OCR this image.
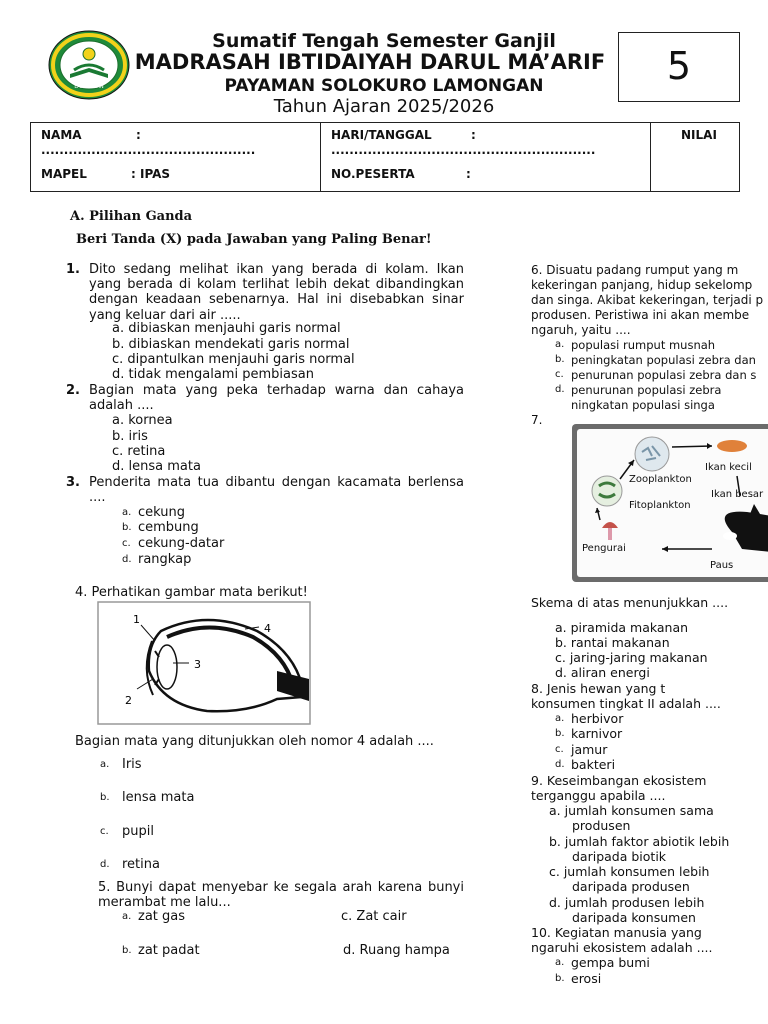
LAMONGAN
Sumatif Tengah Semester Ganjil
MADRASAH IBTIDAIYAH DARUL MA’ARIF
PAYAMAN SOLOKURO LAMONGAN
Tahun Ajaran 2025/2026
5
NAMA	:
...............................................
MAPEL	: IPAS
HARI/TANGGAL	:
..........................................................
NO.PESERTA	:
NILAI
A. Pilihan Ganda
Beri Tanda (X) pada Jawaban yang Paling Benar!
1. Dito sedang melihat ikan yang berada di kolam. Ikan yang berada di kolam terlihat lebih dekat dibandingkan dengan keadaan sebenarnya. Hal ini disebabkan sinar yang keluar dari air .....
a. dibiaskan menjauhi garis normal
b. dibiaskan mendekati garis normal
c. dipantulkan menjauhi garis normal
d. tidak mengalami pembiasan
2. Bagian mata yang peka terhadap warna dan cahaya adalah ....
a. kornea
b. iris
c. retina
d. lensa mata
3. Penderita mata tua dibantu dengan kacamata berlensa ....
a. cekung
b. cembung
c. cekung-datar
d. rangkap
4. Perhatikan gambar mata berikut!
1
2
3
4
Bagian mata yang ditunjukkan oleh nomor 4 adalah ....
a. Iris
b. lensa mata
c. pupil
d. retina
5. Bunyi dapat menyebar ke segala arah karena bunyi merambat me lalu...
a. zat gas	c. Zat cair
b. zat padat	d. Ruang hampa
6. Disuatu padang rumput yang m
kekeringan panjang, hidup sekelomp
dan singa. Akibat kekeringan, terjadi p
produsen. Peristiwa ini akan membe
ngaruh, yaitu ....
a. populasi rumput musnah
b. peningkatan populasi zebra dan
c. penurunan populasi zebra dan s
d. penurunan populasi zebra
ningkatan populasi singa
7.
Zooplankton
Ikan kecil
Ikan besar
Fitoplankton
Pengurai
Paus
Skema di atas menunjukkan ....
a. piramida makanan
b. rantai makanan
c. jaring-jaring makanan
d. aliran energi
8. Jenis hewan yang t
konsumen tingkat II adalah ....
a. herbivor
b. karnivor
c. jamur
d. bakteri
9. Keseimbangan ekosistem
terganggu apabila ....
a. jumlah konsumen sama
produsen
b. jumlah faktor abiotik lebih
daripada biotik
c. jumlah konsumen lebih
daripada produsen
d. jumlah produsen lebih
daripada konsumen
10. Kegiatan manusia yang
ngaruhi ekosistem adalah ....
a. gempa bumi
b. erosi
